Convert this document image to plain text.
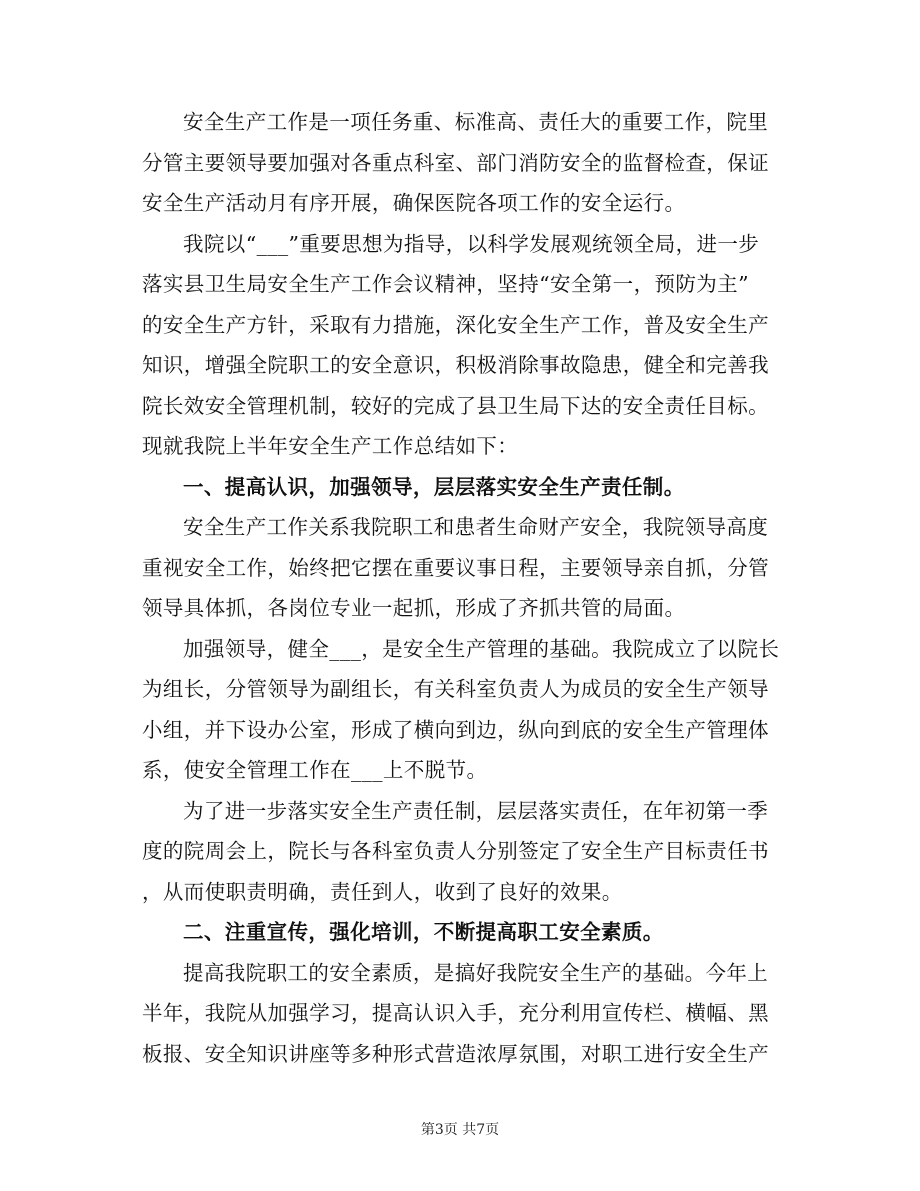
安全生产工作是一项任务重、标准高、责任大的重要工作，院里
分管主要领导要加强对各重点科室、部门消防安全的监督检查，保证
安全生产活动月有序开展，确保医院各项工作的安全运行。
我院以“___”重要思想为指导，以科学发展观统领全局，进一步
落实县卫生局安全生产工作会议精神，坚持“安全第一，预防为主”
的安全生产方针，采取有力措施，深化安全生产工作，普及安全生产
知识，增强全院职工的安全意识，积极消除事故隐患，健全和完善我
院长效安全管理机制，较好的完成了县卫生局下达的安全责任目标。
现就我院上半年安全生产工作总结如下：
一、提高认识，加强领导，层层落实安全生产责任制。
安全生产工作关系我院职工和患者生命财产安全，我院领导高度
重视安全工作，始终把它摆在重要议事日程，主要领导亲自抓，分管
领导具体抓，各岗位专业一起抓，形成了齐抓共管的局面。
加强领导，健全___，是安全生产管理的基础。我院成立了以院长
为组长，分管领导为副组长，有关科室负责人为成员的安全生产领导
小组，并下设办公室，形成了横向到边，纵向到底的安全生产管理体
系，使安全管理工作在___上不脱节。
为了进一步落实安全生产责任制，层层落实责任，在年初第一季
度的院周会上，院长与各科室负责人分别签定了安全生产目标责任书
，从而使职责明确，责任到人，收到了良好的效果。
二、注重宣传，强化培训，不断提高职工安全素质。
提高我院职工的安全素质，是搞好我院安全生产的基础。今年上
半年，我院从加强学习，提高认识入手，充分利用宣传栏、横幅、黑
板报、安全知识讲座等多种形式营造浓厚氛围，对职工进行安全生产
第3页 共7页
